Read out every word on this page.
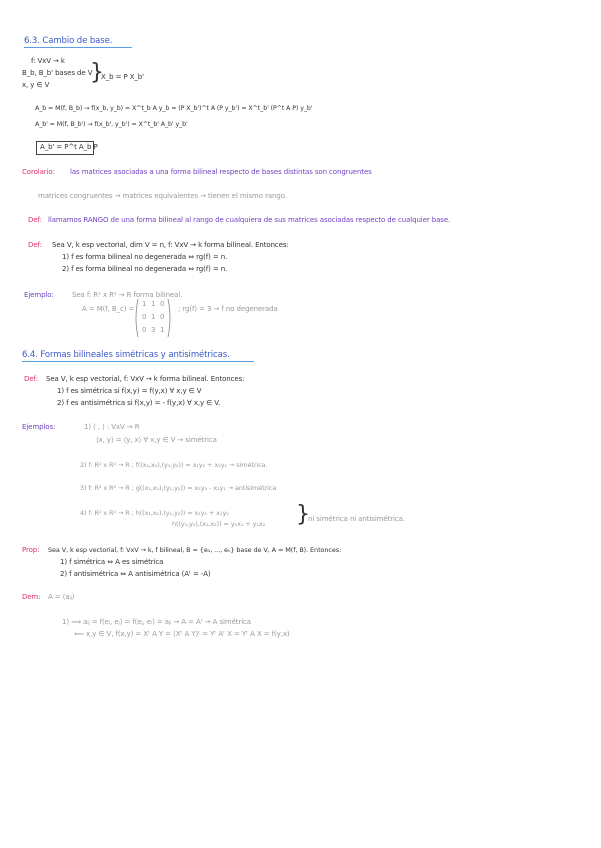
6.3. Cambio de base.
f: VxV → k
B_b, B_b' bases de V
x, y ∈ V }
X_b = P X_b'
A_b = M(f, B_b) → f(x_b, y_b) = X^t_b A y_b = (P X_b')^t A (P y_b') = X^t_b' (P^t A P) y_b'
A_b' = M(f, B_b') → f(x_b', y_b') = X^t_b' A_b' y_b'
A_b' = P^t A_b P
Corolario: las matrices asociadas a una forma bilineal respecto de bases distintas son congruentes
matrices congruentes → matrices equivalentes → tienen el mismo rango.
Def: llamamos RANGO de una forma bilineal al rango de cualquiera de sus matrices asociadas respecto de cualquier base.
Def: Sea V, k esp vectorial, dim V = n, f: VxV → k forma bilineal. Entonces:
1) f es forma bilineal no degenerada ⇔ rg(f) = n.
2) f es forma bilineal no degenerada ⇔ rg(f) = n.
Ejemplo:	Sea f: R² x R² → R forma bilineal.
A = M(f, B_c) =
1 1 0
0 1 0
0 3 1
; rg(f) = 3 → f no degenerada
6.4. Formas bilineales simétricas y antisimétricas.
Def: Sea V, k esp vectorial, f: VxV → k forma bilineal. Entonces:
1) f es simétrica si f(x,y) = f(y,x) ∀ x,y ∈ V
2) f es antisimétrica si f(x,y) = - f(y,x) ∀ x,y ∈ V.
Ejemplos:	1) ⟨ , ⟩ : VxV → R
⟨x, y⟩ = ⟨y, x⟩ ∀ x,y ∈ V → simétrica
2) f: R² x R² → R ; f((x₁,x₂),(y₁,y₂)) = x₁y₂ + x₂y₁ → simétrica.
3) f: R² x R² → R ; g((x₁,x₂),(y₁,y₂)) = x₁y₂ - x₂y₁ → antisimétrica
4) f: R² x R² → R ; h((x₁,x₂),(y₁,y₂)) = x₁y₁ + x₁y₂
h((y₁,y₂),(x₁,x₂)) = y₁x₁ + y₁x₂ }
ni simétrica ni antisimétrica.
Prop: Sea V, k esp vectorial, f: VxV → k, f bilineal, B = {e₁, ..., eₙ} base de V, A = M(f, B). Entonces:
1) f simétrica ⇔ A es simétrica
2) f antisimétrica ⇔ A antisimétrica (Aᵗ = -A)
Dem: A = (aᵢⱼ)
1) ⟹ aᵢⱼ = f(eᵢ, eⱼ) = f(eⱼ, eᵢ) = aⱼᵢ → A = Aᵗ → A simétrica
⟸ x,y ∈ V, f(x,y) = Xᵗ A Y = (Xᵗ A Y)ᵗ = Yᵗ Aᵗ X = Yᵗ A X = f(y,x)
